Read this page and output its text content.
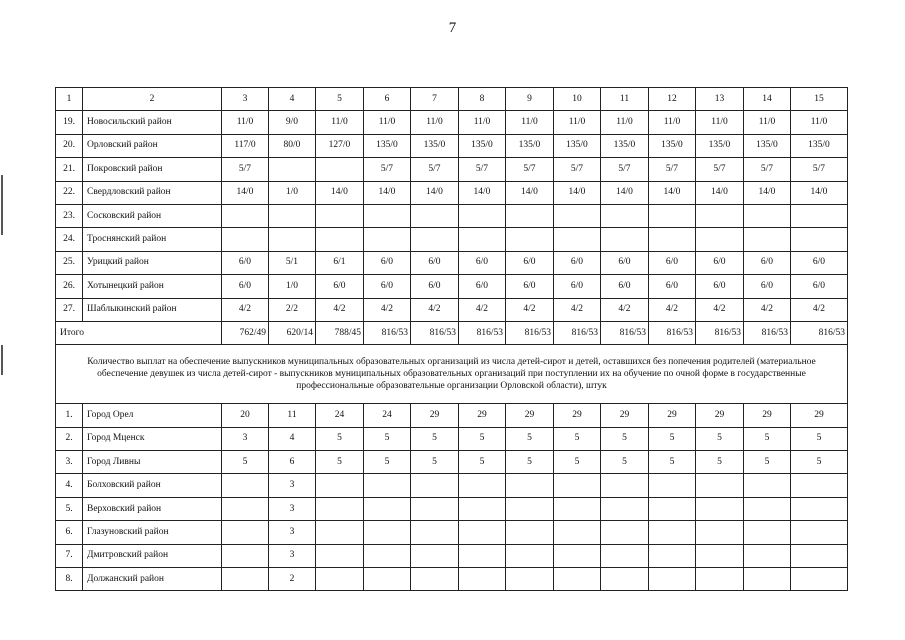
7
1	2	3	4	5	6	7	8	9	10	11	12	13	14	15
19.	Новосильский район	11/0	9/0	11/0	11/0	11/0	11/0	11/0	11/0	11/0	11/0	11/0	11/0	11/0
20.	Орловский район	117/0	80/0	127/0	135/0	135/0	135/0	135/0	135/0	135/0	135/0	135/0	135/0	135/0
21.	Покровский район	5/7			5/7	5/7	5/7	5/7	5/7	5/7	5/7	5/7	5/7	5/7
22.	Свердловский район	14/0	1/0	14/0	14/0	14/0	14/0	14/0	14/0	14/0	14/0	14/0	14/0	14/0
23.	Сосковский район													
24.	Троснянский район													
25.	Урицкий район	6/0	5/1	6/1	6/0	6/0	6/0	6/0	6/0	6/0	6/0	6/0	6/0	6/0
26.	Хотынецкий район	6/0	1/0	6/0	6/0	6/0	6/0	6/0	6/0	6/0	6/0	6/0	6/0	6/0
27.	Шаблыкинский район	4/2	2/2	4/2	4/2	4/2	4/2	4/2	4/2	4/2	4/2	4/2	4/2	4/2
Итого		762/49	620/14	788/45	816/53	816/53	816/53	816/53	816/53	816/53	816/53	816/53	816/53	816/53
Количество выплат на обеспечение выпускников муниципальных образовательных организаций из числа детей-сирот и детей, оставшихся без попечения родителей (материальное обеспечение девушек из числа детей-сирот - выпускников муниципальных образовательных организаций при поступлении их на обучение по очной форме в государственные профессиональные образовательные организации Орловской области), штук														
1.	Город Орел	20	11	24	24	29	29	29	29	29	29	29	29	29
2.	Город Мценск	3	4	5	5	5	5	5	5	5	5	5	5	5
3.	Город Ливны	5	6	5	5	5	5	5	5	5	5	5	5	5
4.	Болховский район		3											
5.	Верховский район		3											
6.	Глазуновский район		3											
7.	Дмитровский район		3											
8.	Должанский район		2											
